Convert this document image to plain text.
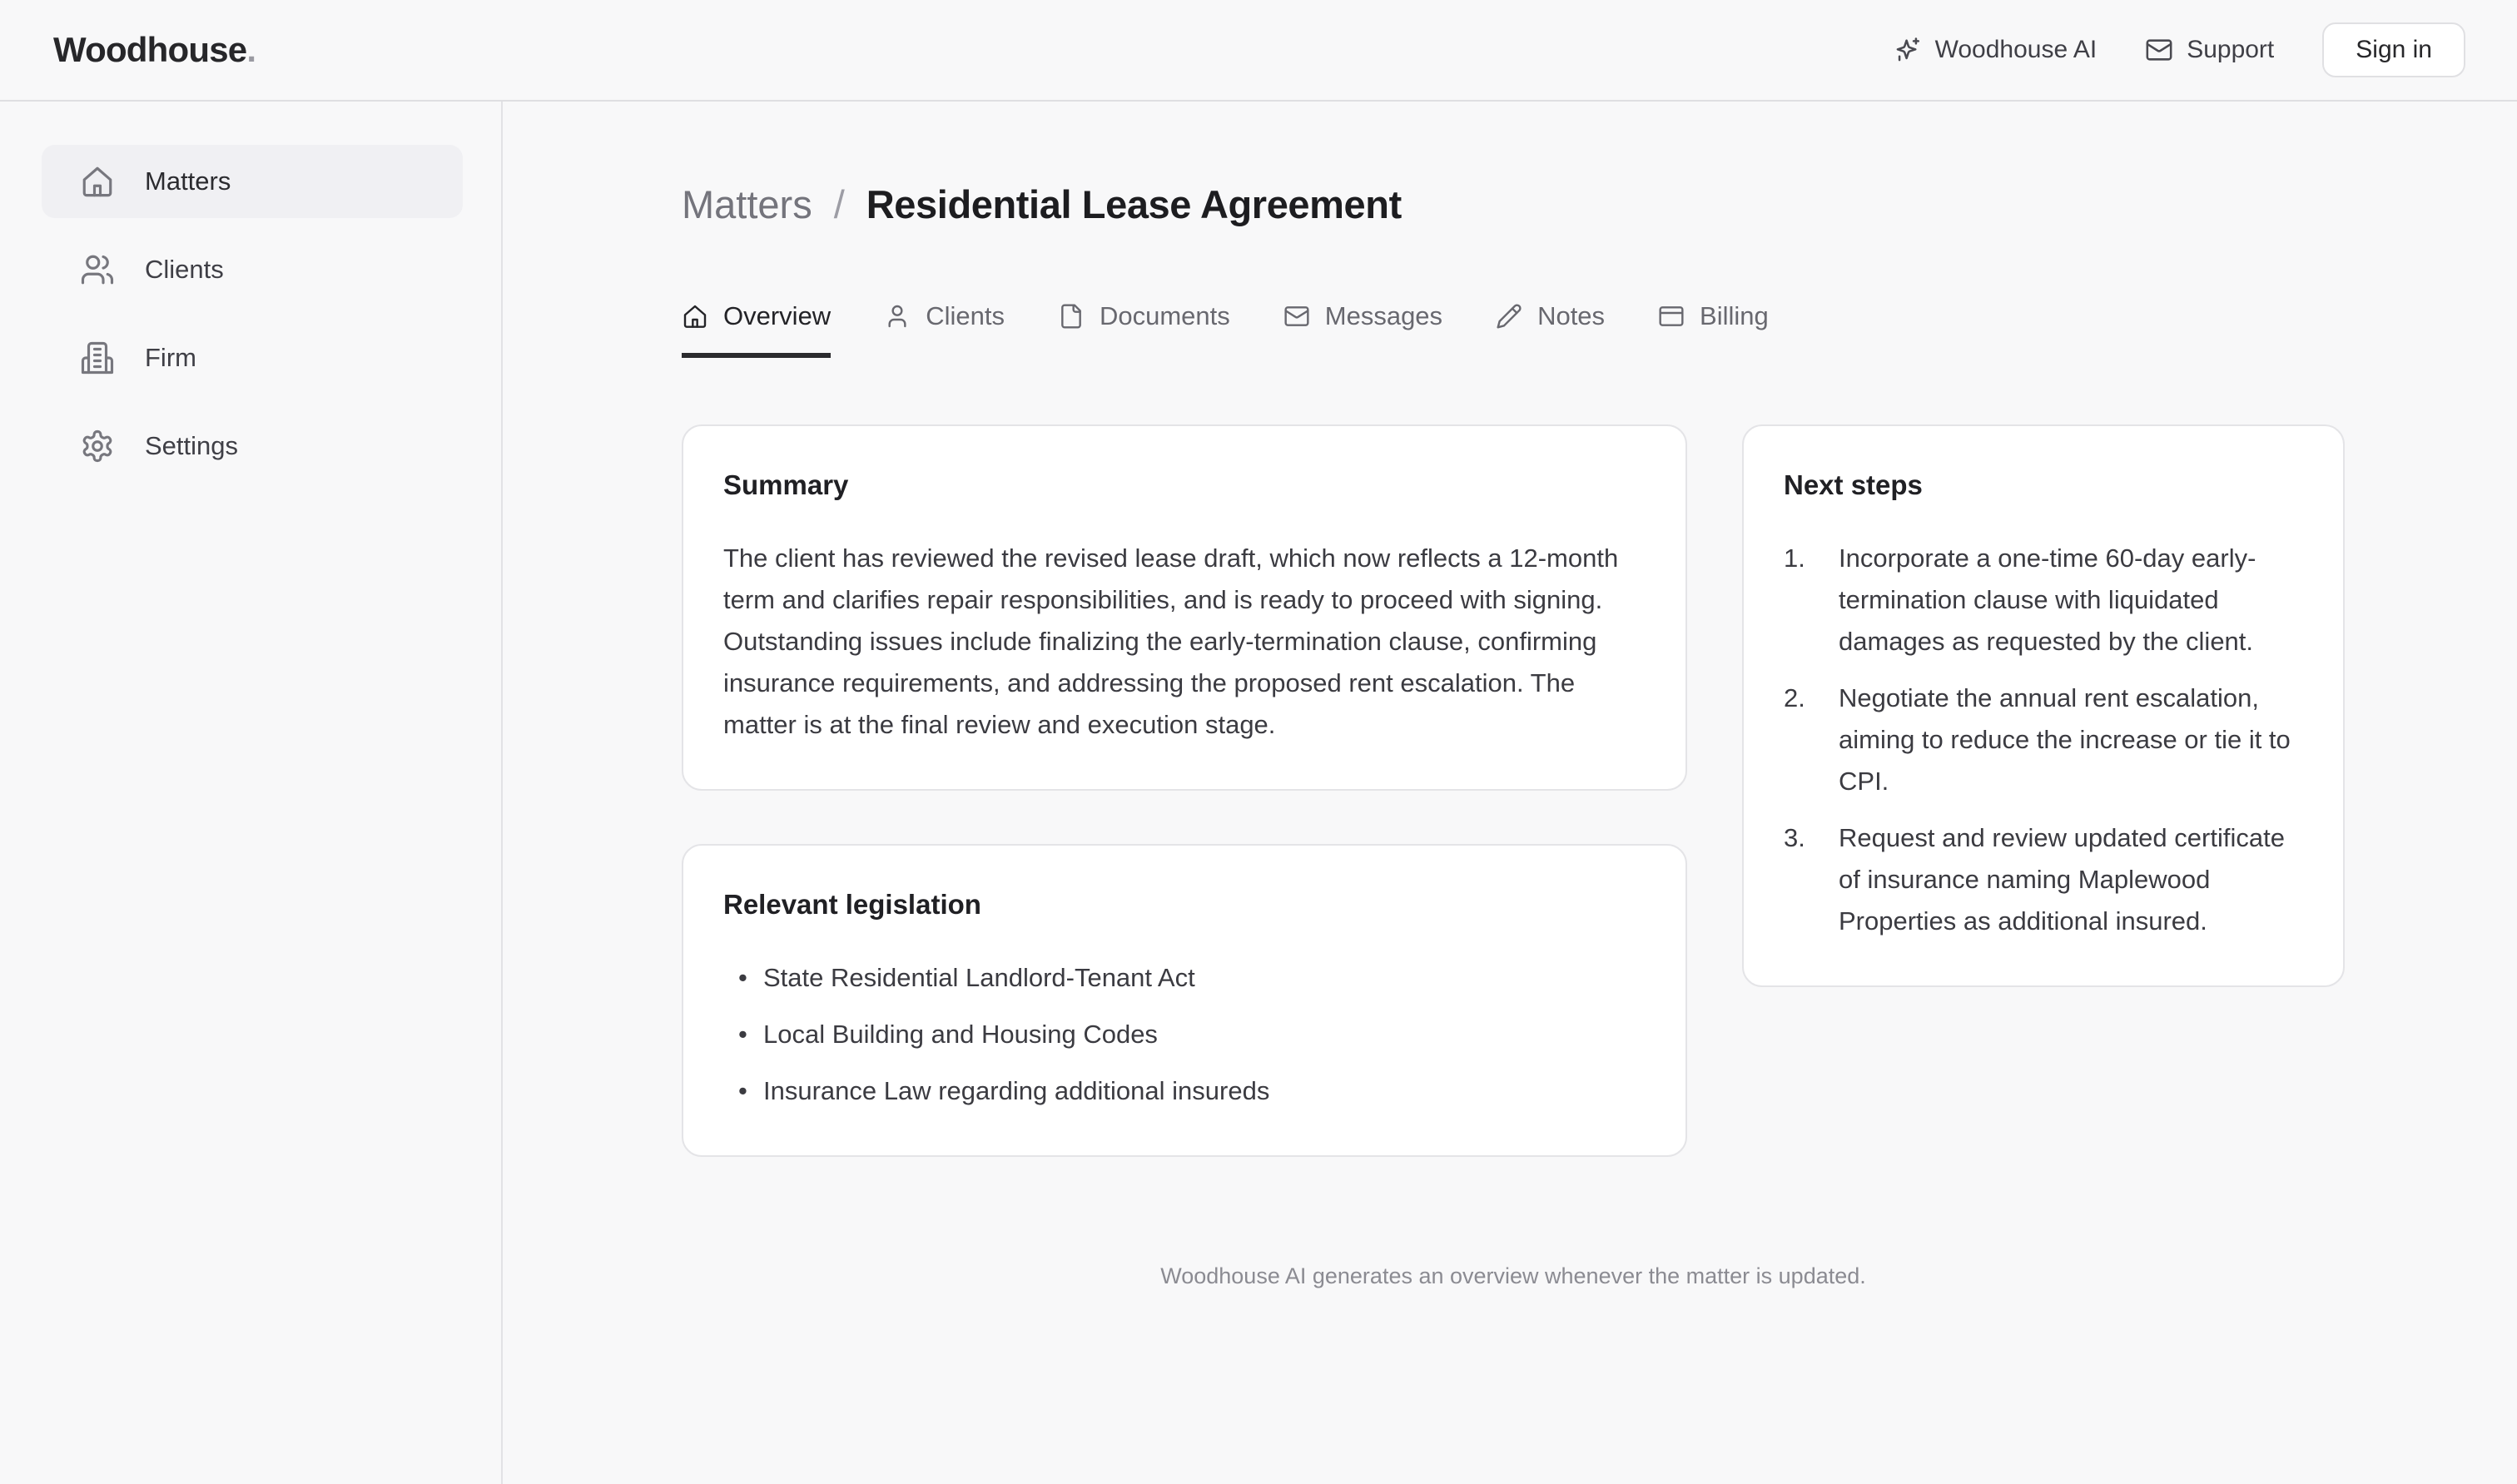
Woodhouse.	Woodhouse AI	Support	Sign in
Matters
Clients
Firm
Settings
Matters / Residential Lease Agreement
Overview	Clients	Documents	Messages	Notes	Billing
Summary
The client has reviewed the revised lease draft, which now reflects a 12-month term and clarifies repair responsibilities, and is ready to proceed with signing. Outstanding issues include finalizing the early-termination clause, confirming insurance requirements, and addressing the proposed rent escalation. The matter is at the final review and execution stage.
Relevant legislation
• State Residential Landlord-Tenant Act
• Local Building and Housing Codes
• Insurance Law regarding additional insureds
Next steps
1.	Incorporate a one-time 60-day early-termination clause with liquidated damages as requested by the client.
2.	Negotiate the annual rent escalation, aiming to reduce the increase or tie it to CPI.
3.	Request and review updated certificate of insurance naming Maplewood Properties as additional insured.
Woodhouse AI generates an overview whenever the matter is updated.
